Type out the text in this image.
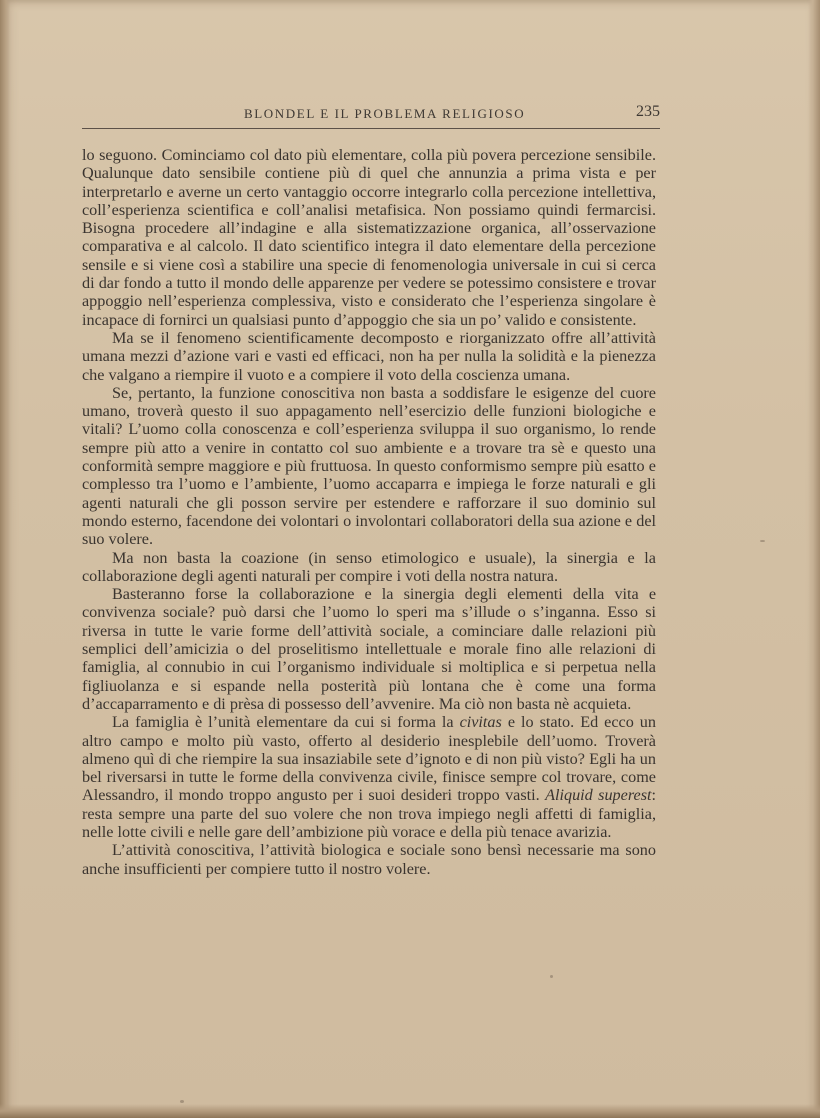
BLONDEL E IL PROBLEMA RELIGIOSO	235

lo seguono. Cominciamo col dato più elementare, colla più povera percezione sensibile. Qualunque dato sensibile contiene più di quel che annunzia a prima vista e per interpretarlo e averne un certo vantaggio occorre integrarlo colla percezione intellettiva, coll’esperienza scientifica e coll’analisi metafisica. Non possiamo quindi fermarcisi. Bisogna procedere all’indagine e alla sistematizzazione organica, all’osservazione comparativa e al calcolo. Il dato scientifico integra il dato elementare della percezione sensile e si viene così a stabilire una specie di fenomenologia universale in cui si cerca di dar fondo a tutto il mondo delle apparenze per vedere se potessimo consistere e trovar appoggio nell’esperienza complessiva, visto e considerato che l’esperienza singolare è incapace di fornirci un qualsiasi punto d’appoggio che sia un po’ valido e consistente.

Ma se il fenomeno scientificamente decomposto e riorganizzato offre all’attività umana mezzi d’azione vari e vasti ed efficaci, non ha per nulla la solidità e la pienezza che valgano a riempire il vuoto e a compiere il voto della coscienza umana.

Se, pertanto, la funzione conoscitiva non basta a soddisfare le esigenze del cuore umano, troverà questo il suo appagamento nell’esercizio delle funzioni biologiche e vitali? L’uomo colla conoscenza e coll’esperienza sviluppa il suo organismo, lo rende sempre più atto a venire in contatto col suo ambiente e a trovare tra sè e questo una conformità sempre maggiore e più fruttuosa. In questo conformismo sempre più esatto e complesso tra l’uomo e l’ambiente, l’uomo accaparra e impiega le forze naturali e gli agenti naturali che gli posson servire per estendere e rafforzare il suo dominio sul mondo esterno, facendone dei volontari o involontari collaboratori della sua azione e del suo volere.

Ma non basta la coazione (in senso etimologico e usuale), la sinergia e la collaborazione degli agenti naturali per compire i voti della nostra natura.

Basteranno forse la collaborazione e la sinergia degli elementi della vita e convivenza sociale? può darsi che l’uomo lo speri ma s’illude o s’inganna. Esso si riversa in tutte le varie forme dell’attività sociale, a cominciare dalle relazioni più semplici dell’amicizia o del proselitismo intellettuale e morale fino alle relazioni di famiglia, al connubio in cui l’organismo individuale si moltiplica e si perpetua nella figliuolanza e si espande nella posterità più lontana che è come una forma d’accaparramento e di prèsa di possesso dell’avvenire. Ma ciò non basta nè acquieta.

La famiglia è l’unità elementare da cui si forma la civitas e lo stato. Ed ecco un altro campo e molto più vasto, offerto al desiderio inesplebile dell’uomo. Troverà almeno quì di che riempire la sua insaziabile sete d’ignoto e di non più visto? Egli ha un bel riversarsi in tutte le forme della convivenza civile, finisce sempre col trovare, come Alessandro, il mondo troppo angusto per i suoi desideri troppo vasti. Aliquid superest: resta sempre una parte del suo volere che non trova impiego negli affetti di famiglia, nelle lotte civili e nelle gare dell’ambizione più vorace e della più tenace avarizia.

L’attività conoscitiva, l’attività biologica e sociale sono bensì necessarie ma sono anche insufficienti per compiere tutto il nostro volere.
